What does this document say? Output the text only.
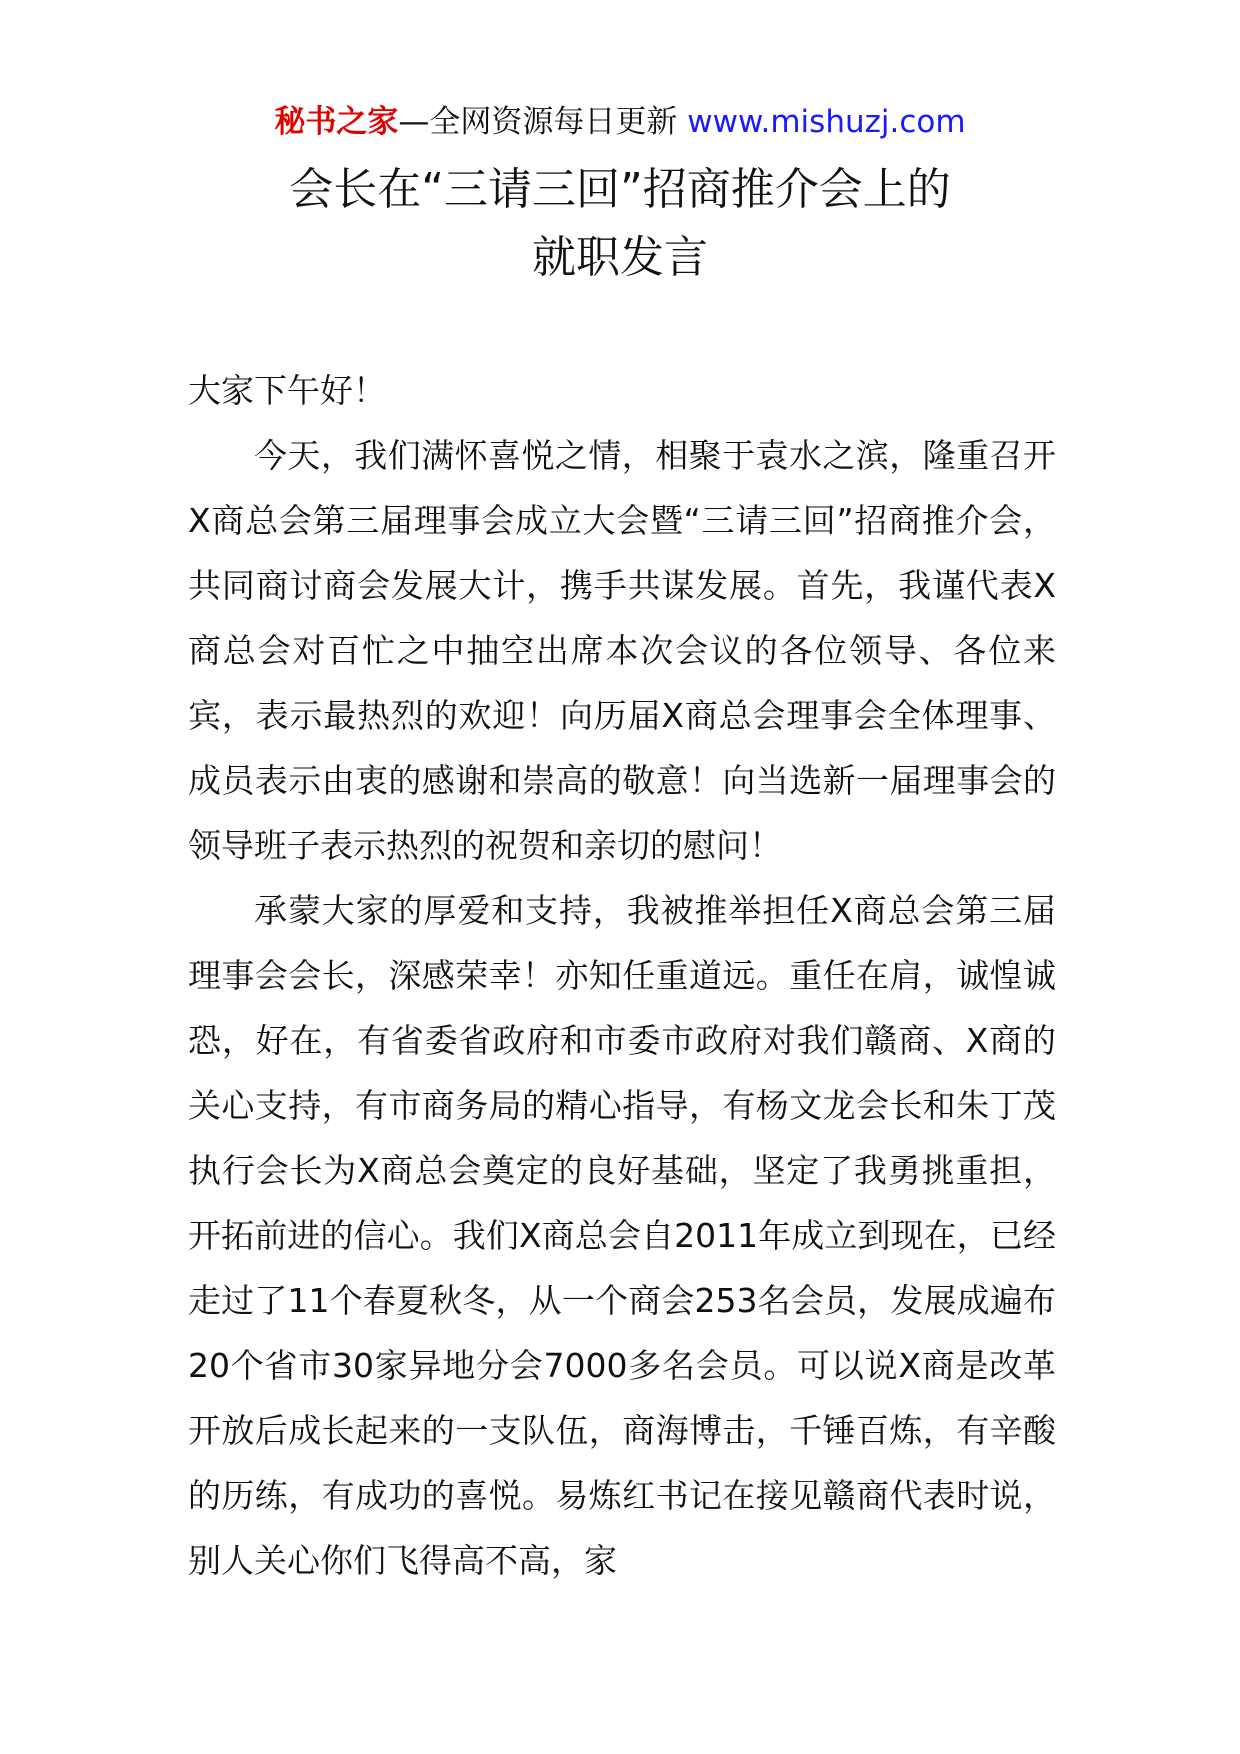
秘书之家—全网资源每日更新 www.mishuzj.com
会长在“三请三回”招商推介会上的
就职发言

大家下午好！

今天，我们满怀喜悦之情，相聚于袁水之滨，隆重召开X商总会第三届理事会成立大会暨“三请三回”招商推介会，共同商讨商会发展大计，携手共谋发展。首先，我谨代表X商总会对百忙之中抽空出席本次会议的各位领导、各位来宾，表示最热烈的欢迎！向历届X商总会理事会全体理事、成员表示由衷的感谢和崇高的敬意！向当选新一届理事会的领导班子表示热烈的祝贺和亲切的慰问！

承蒙大家的厚爱和支持，我被推举担任X商总会第三届理事会会长，深感荣幸！亦知任重道远。重任在肩，诚惶诚恐，好在，有省委省政府和市委市政府对我们赣商、X商的关心支持，有市商务局的精心指导，有杨文龙会长和朱丁茂执行会长为X商总会奠定的良好基础，坚定了我勇挑重担，开拓前进的信心。我们X商总会自2011年成立到现在，已经走过了11个春夏秋冬，从一个商会253名会员，发展成遍布20个省市30家异地分会7000多名会员。可以说X商是改革开放后成长起来的一支队伍，商海博击，千锤百炼，有辛酸的历练，有成功的喜悦。易炼红书记在接见赣商代表时说，别人关心你们飞得高不高，家
